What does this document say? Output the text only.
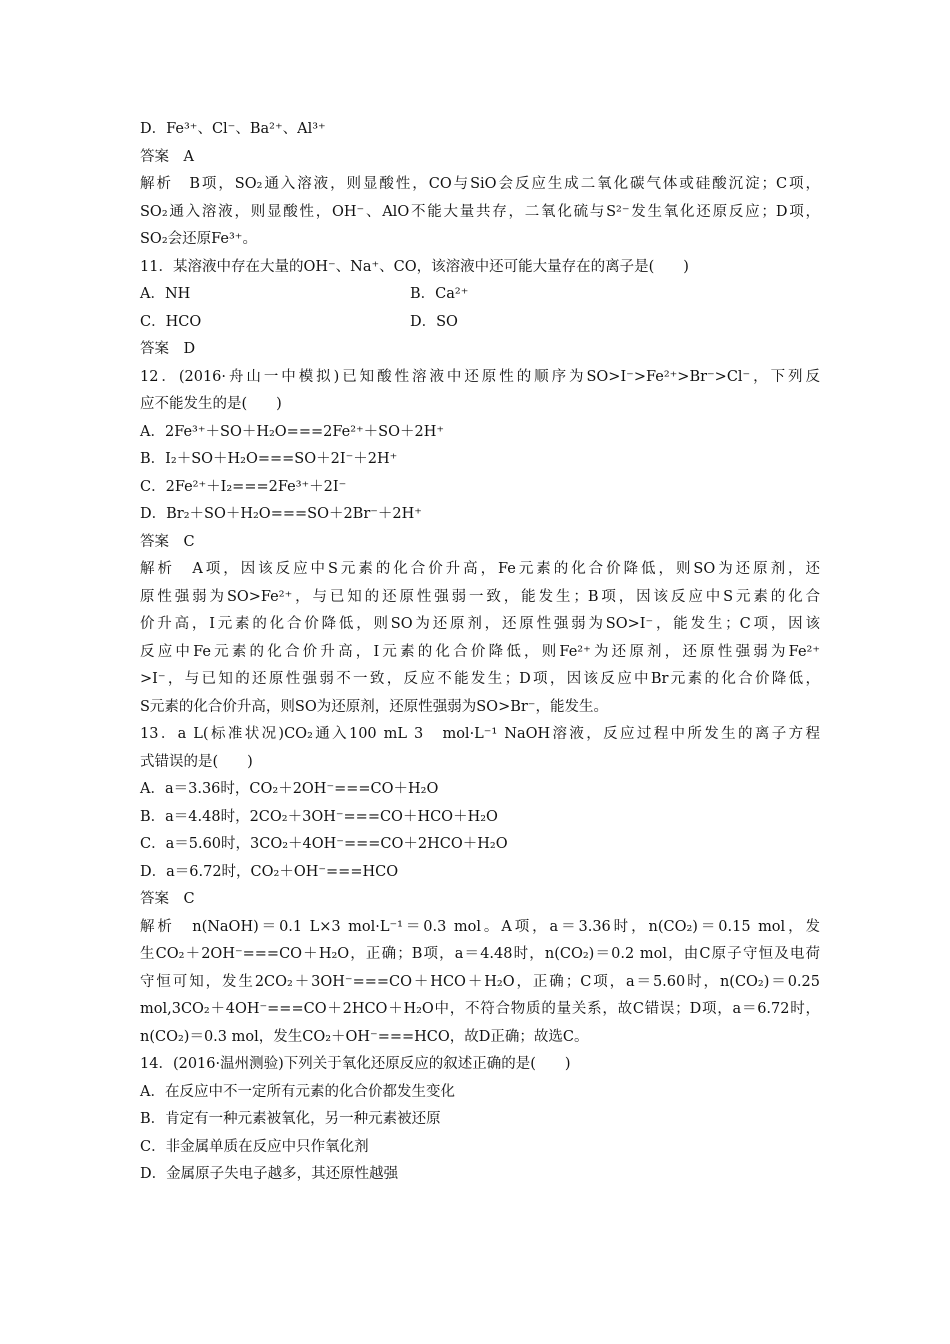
D．Fe³⁺、Cl⁻、Ba²⁺、Al³⁺
答案　A
解析　B项，SO₂通入溶液，则显酸性，CO与SiO会反应生成二氧化碳气体或硅酸沉淀；C项，
SO₂通入溶液，则显酸性，OH⁻、AlO不能大量共存，二氧化硫与S²⁻发生氧化还原反应；D项，
SO₂会还原Fe³⁺。
11．某溶液中存在大量的OH⁻、Na⁺、CO，该溶液中还可能大量存在的离子是(　　)
A．NH	B．Ca²⁺
C．HCO	D．SO
答案　D
12．(2016·舟山一中模拟)已知酸性溶液中还原性的顺序为SO>I⁻>Fe²⁺>Br⁻>Cl⁻，下列反
应不能发生的是(　　)
A．2Fe³⁺＋SO＋H₂O===2Fe²⁺＋SO＋2H⁺
B．I₂＋SO＋H₂O===SO＋2I⁻＋2H⁺
C．2Fe²⁺＋I₂===2Fe³⁺＋2I⁻
D．Br₂＋SO＋H₂O===SO＋2Br⁻＋2H⁺
答案　C
解析　A项，因该反应中S元素的化合价升高，Fe元素的化合价降低，则SO为还原剂，还
原性强弱为SO>Fe²⁺，与已知的还原性强弱一致，能发生；B项，因该反应中S元素的化合
价升高，I元素的化合价降低，则SO为还原剂，还原性强弱为SO>I⁻，能发生；C项，因该
反应中Fe元素的化合价升高，I元素的化合价降低，则Fe²⁺为还原剂，还原性强弱为Fe²⁺
>I⁻，与已知的还原性强弱不一致，反应不能发生；D项，因该反应中Br元素的化合价降低，
S元素的化合价升高，则SO为还原剂，还原性强弱为SO>Br⁻，能发生。
13．a L(标准状况)CO₂通入100 mL 3　mol·L⁻¹ NaOH溶液，反应过程中所发生的离子方程
式错误的是(　　)
A．a＝3.36时，CO₂＋2OH⁻===CO＋H₂O
B．a＝4.48时，2CO₂＋3OH⁻===CO＋HCO＋H₂O
C．a＝5.60时，3CO₂＋4OH⁻===CO＋2HCO＋H₂O
D．a＝6.72时，CO₂＋OH⁻===HCO
答案　C
解析　n(NaOH)＝0.1 L×3 mol·L⁻¹＝0.3 mol。A项，a＝3.36时，n(CO₂)＝0.15 mol，发
生CO₂＋2OH⁻===CO＋H₂O，正确；B项，a＝4.48时，n(CO₂)＝0.2 mol，由C原子守恒及电荷
守恒可知，发生2CO₂＋3OH⁻===CO＋HCO＋H₂O，正确；C项，a＝5.60时，n(CO₂)＝0.25
mol,3CO₂＋4OH⁻===CO＋2HCO＋H₂O中，不符合物质的量关系，故C错误；D项，a＝6.72时，
n(CO₂)＝0.3 mol，发生CO₂＋OH⁻===HCO，故D正确；故选C。
14．(2016·温州测验)下列关于氧化还原反应的叙述正确的是(　　)
A．在反应中不一定所有元素的化合价都发生变化
B．肯定有一种元素被氧化，另一种元素被还原
C．非金属单质在反应中只作氧化剂
D．金属原子失电子越多，其还原性越强
